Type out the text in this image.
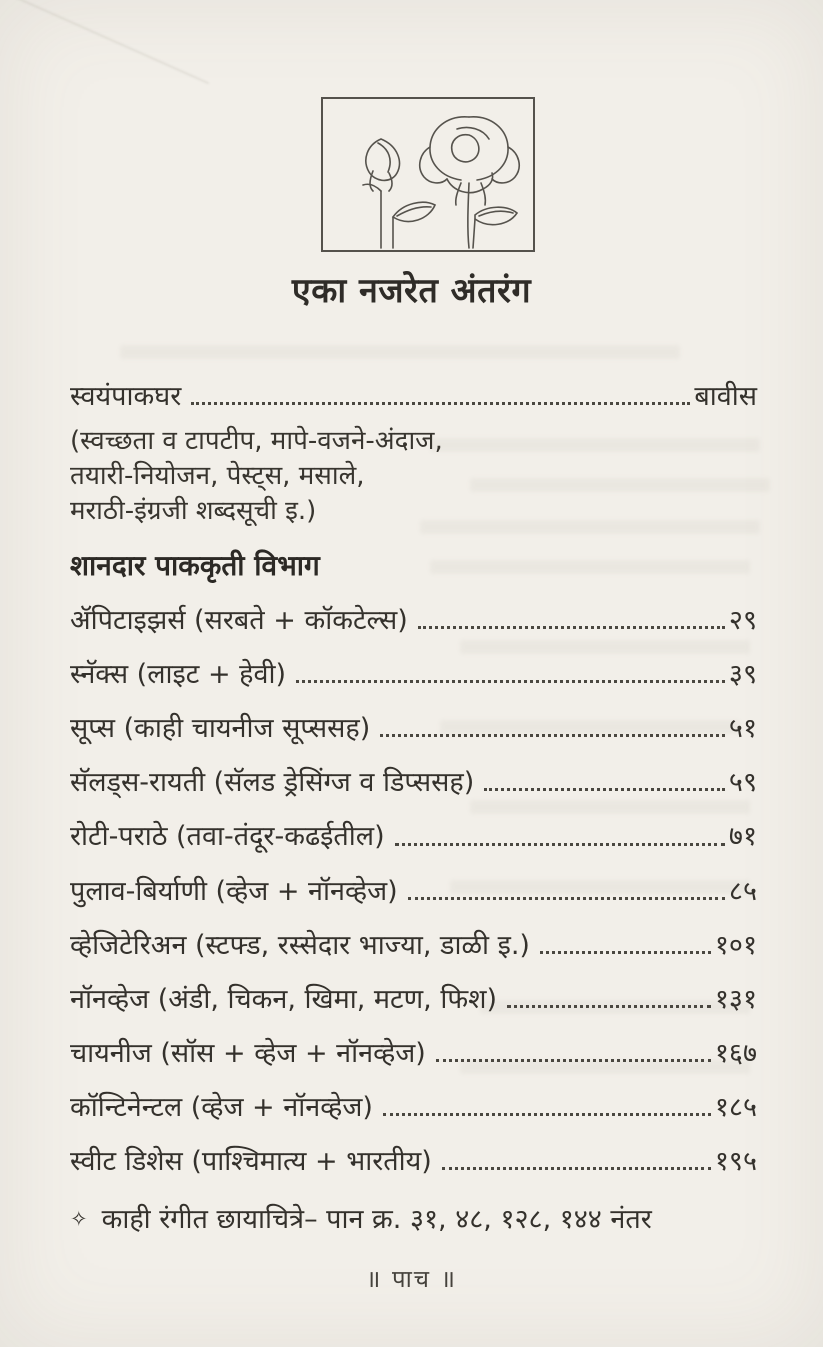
एका नजरेत अंतरंग
स्वयंपाकघर	बावीस
(स्वच्छता व टापटीप, मापे-वजने-अंदाज,
तयारी-नियोजन, पेस्ट्स, मसाले,
मराठी-इंग्रजी शब्दसूची इ.)
शानदार पाककृती विभाग
ॲपिटाइझर्स (सरबते + कॉकटेल्स)	२९
स्नॅक्स (लाइट + हेवी)	३९
सूप्स (काही चायनीज सूप्ससह)	५१
सॅलड्स-रायती (सॅलड ड्रेसिंग्ज व डिप्ससह)	५९
रोटी-पराठे (तवा-तंदूर-कढईतील)	७१
पुलाव-बिर्याणी (व्हेज + नॉनव्हेज)	८५
व्हेजिटेरिअन (स्टफ्ड, रस्सेदार भाज्या, डाळी इ.)	१०१
नॉनव्हेज (अंडी, चिकन, खिमा, मटण, फिश)	१३१
चायनीज (सॉस + व्हेज + नॉनव्हेज)	१६७
कॉन्टिनेन्टल (व्हेज + नॉनव्हेज)	१८५
स्वीट डिशेस (पाश्चिमात्य + भारतीय)	१९५
✧ काही रंगीत छायाचित्रे– पान क्र. ३१, ४८, १२८, १४४ नंतर
॥ पाच ॥
